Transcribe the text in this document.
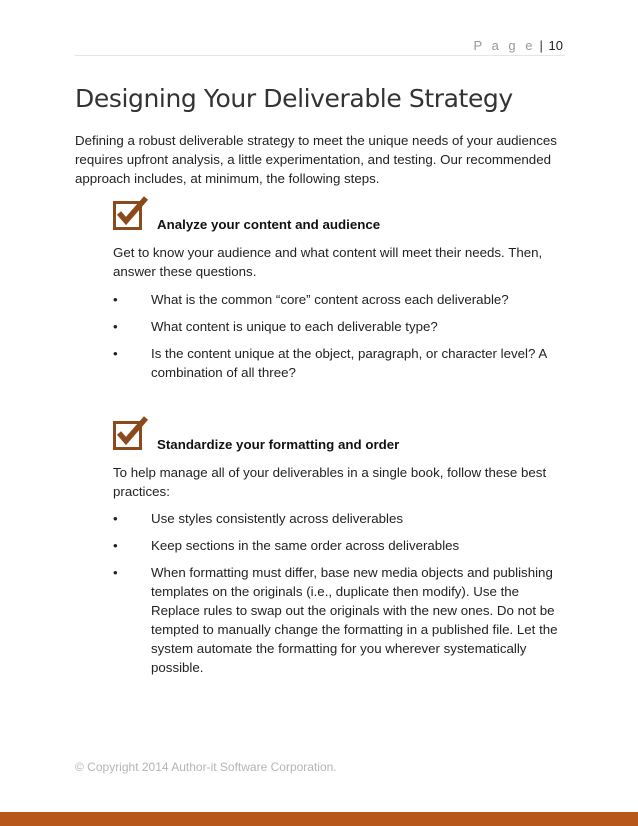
P a g e | 10
Designing Your Deliverable Strategy

Defining a robust deliverable strategy to meet the unique needs of your audiences requires upfront analysis, a little experimentation, and testing. Our recommended approach includes, at minimum, the following steps.

Analyze your content and audience

Get to know your audience and what content will meet their needs. Then, answer these questions.

•	What is the common “core” content across each deliverable?
•	What content is unique to each deliverable type?
•	Is the content unique at the object, paragraph, or character level? A combination of all three?
Standardize your formatting and order

To help manage all of your deliverables in a single book, follow these best practices:

•	Use styles consistently across deliverables
•	Keep sections in the same order across deliverables
•	When formatting must differ, base new media objects and publishing templates on the originals (i.e., duplicate then modify). Use the Replace rules to swap out the originals with the new ones. Do not be tempted to manually change the formatting in a published file. Let the system automate the formatting for you wherever systematically possible.
© Copyright 2014 Author-it Software Corporation.
